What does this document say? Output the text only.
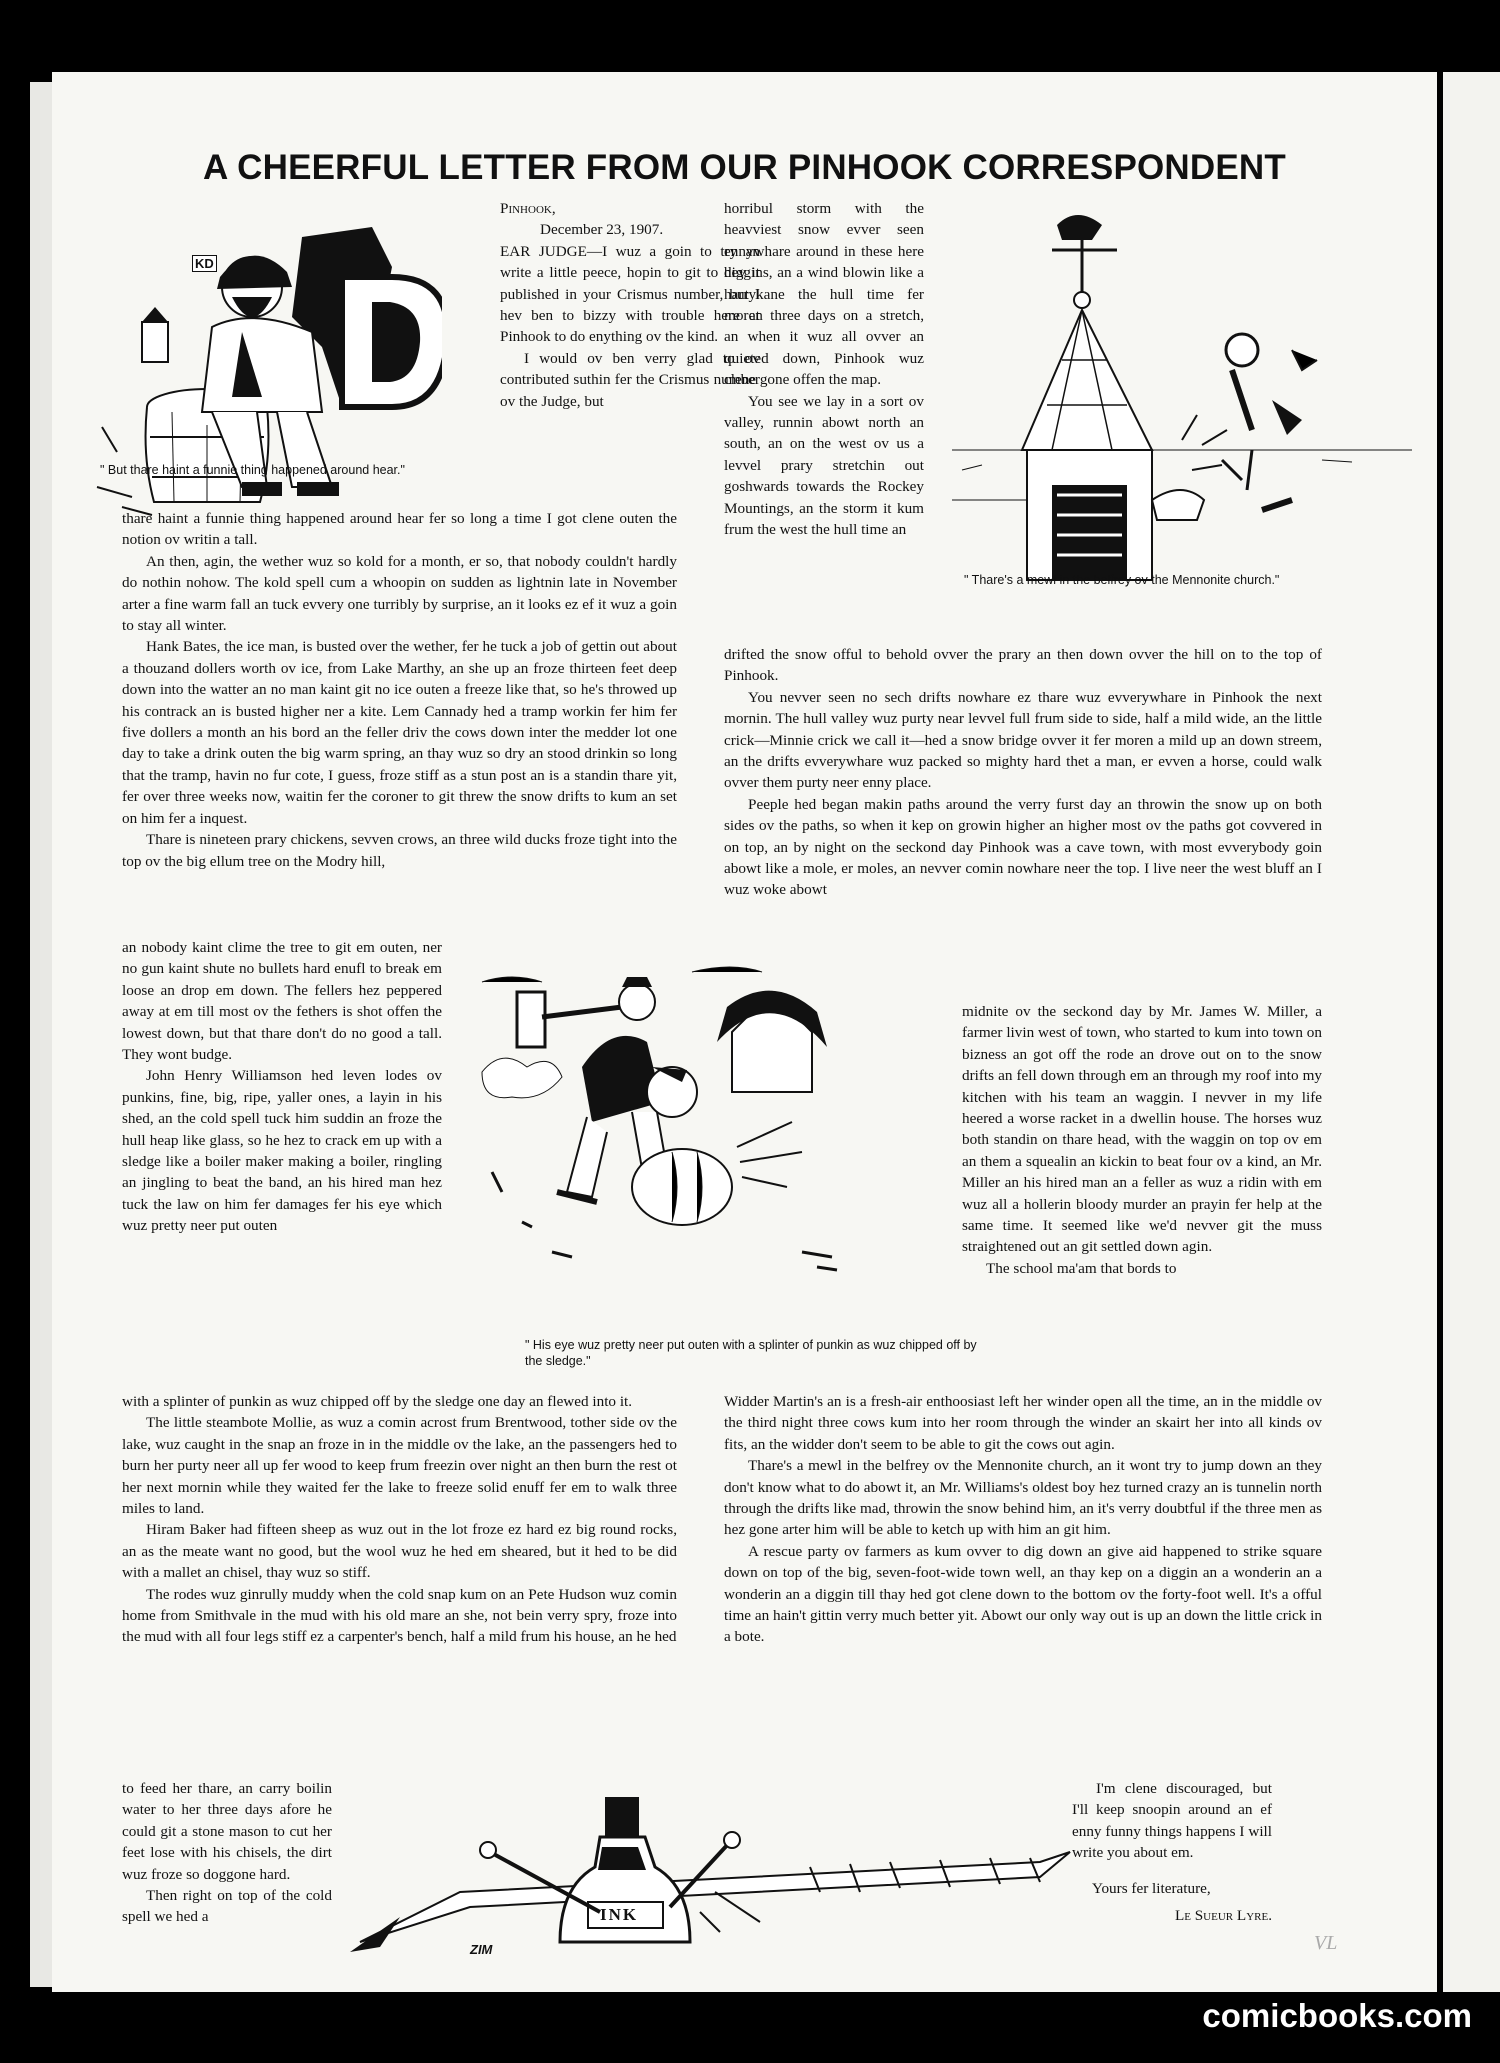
A CHEERFUL LETTER FROM OUR PINHOOK CORRESPONDENT
KD
" But thare haint a funnie thing happened around hear."

Pinhook,

December 23, 1907.

EAR JUDGE—I wuz a goin to try an write a little peece, hopin to git to hev it published in your Crismus number, but I hev ben to bizzy with trouble here at Pinhook to do enything ov the kind.

I would ov ben verry glad to ov contributed suthin fer the Crismus number ov the Judge, but

horribul storm with the heavviest snow evver seen ennywhare around in these here diggins, an a wind blowin like a harrykane the hull time fer moren three days on a stretch, an when it wuz all ovver an quieted down, Pinhook wuz clene gone offen the map.

You see we lay in a sort ov valley, runnin abowt north an south, an on the west ov us a levvel prary stretchin out goshwards towards the Rockey Mountings, an the storm it kum frum the west the hull time an

" Thare's a mewl in the belfrey ov the Mennonite church."

thare haint a funnie thing happened around hear fer so long a time I got clene outen the notion ov writin a tall.

An then, agin, the wether wuz so kold for a month, er so, that nobody couldn't hardly do nothin nohow. The kold spell cum a whoopin on sudden as lightnin late in November arter a fine warm fall an tuck evvery one turribly by surprise, an it looks ez ef it wuz a goin to stay all winter.

Hank Bates, the ice man, is busted over the wether, fer he tuck a job of gettin out about a thouzand dollers worth ov ice, from Lake Marthy, an she up an froze thirteen feet deep down into the watter an no man kaint git no ice outen a freeze like that, so he's throwed up his contrack an is busted higher ner a kite. Lem Cannady hed a tramp workin fer him fer five dollers a month an his bord an the feller driv the cows down inter the medder lot one day to take a drink outen the big warm spring, an thay wuz so dry an stood drinkin so long that the tramp, havin no fur cote, I guess, froze stiff as a stun post an is a standin thare yit, fer over three weeks now, waitin fer the coroner to git threw the snow drifts to kum an set on him fer a inquest.

Thare is nineteen prary chickens, sevven crows, an three wild ducks froze tight into the top ov the big ellum tree on the Modry hill,

drifted the snow offul to behold ovver the prary an then down ovver the hill on to the top of Pinhook.

You nevver seen no sech drifts nowhare ez thare wuz evverywhare in Pinhook the next mornin. The hull valley wuz purty near levvel full frum side to side, half a mild wide, an the little crick—Minnie crick we call it—hed a snow bridge ovver it fer moren a mild up an down streem, an the drifts evverywhare wuz packed so mighty hard thet a man, er evven a horse, could walk ovver them purty neer enny place.

Peeple hed began makin paths around the verry furst day an throwin the snow up on both sides ov the paths, so when it kep on growin higher an higher most ov the paths got covvered in on top, an by night on the seckond day Pinhook was a cave town, with most evverybody goin abowt like a mole, er moles, an nevver comin nowhare neer the top. I live neer the west bluff an I wuz woke abowt

an nobody kaint clime the tree to git em outen, ner no gun kaint shute no bullets hard enufl to break em loose an drop em down. The fellers hez peppered away at em till most ov the fethers is shot offen the lowest down, but that thare don't do no good a tall. They wont budge.

John Henry Williamson hed leven lodes ov punkins, fine, big, ripe, yaller ones, a layin in his shed, an the cold spell tuck him suddin an froze the hull heap like glass, so he hez to crack em up with a sledge like a boiler maker making a boiler, ringling an jingling to beat the band, an his hired man hez tuck the law on him fer damages fer his eye which wuz pretty neer put outen

" His eye wuz pretty neer put outen with a splinter of punkin as wuz chipped off by the sledge."

midnite ov the seckond day by Mr. James W. Miller, a farmer livin west of town, who started to kum into town on bizness an got off the rode an drove out on to the snow drifts an fell down through em an through my roof into my kitchen with his team an waggin. I nevver in my life heered a worse racket in a dwellin house. The horses wuz both standin on thare head, with the waggin on top ov em an them a squealin an kickin to beat four ov a kind, an Mr. Miller an his hired man an a feller as wuz a ridin with em wuz all a hollerin bloody murder an prayin fer help at the same time. It seemed like we'd nevver git the muss straightened out an git settled down agin.

The school ma'am that bords to

with a splinter of punkin as wuz chipped off by the sledge one day an flewed into it.

The little steambote Mollie, as wuz a comin acrost frum Brentwood, tother side ov the lake, wuz caught in the snap an froze in in the middle ov the lake, an the passengers hed to burn her purty neer all up fer wood to keep frum freezin over night an then burn the rest ot her next mornin while they waited fer the lake to freeze solid enuff fer em to walk three miles to land.

Hiram Baker had fifteen sheep as wuz out in the lot froze ez hard ez big round rocks, an as the meate want no good, but the wool wuz he hed em sheared, but it hed to be did with a mallet an chisel, thay wuz so stiff.

The rodes wuz ginrully muddy when the cold snap kum on an Pete Hudson wuz comin home from Smithvale in the mud with his old mare an she, not bein verry spry, froze into the mud with all four legs stiff ez a carpenter's bench, half a mild frum his house, an he hed

Widder Martin's an is a fresh-air enthoosiast left her winder open all the time, an in the middle ov the third night three cows kum into her room through the winder an skairt her into all kinds ov fits, an the widder don't seem to be able to git the cows out agin.

Thare's a mewl in the belfrey ov the Mennonite church, an it wont try to jump down an they don't know what to do abowt it, an Mr. Williams's oldest boy hez turned crazy an is tunnelin north through the drifts like mad, throwin the snow behind him, an it's verry doubtful if the three men as hez gone arter him will be able to ketch up with him an git him.

A rescue party ov farmers as kum ovver to dig down an give aid happened to strike square down on top of the big, seven-foot-wide town well, an thay kep on a diggin an a wonderin an a wonderin an a diggin till thay hed got clene down to the bottom ov the forty-foot well. It's a offul time an hain't gittin verry much better yit. Abowt our only way out is up an down the little crick in a bote.

to feed her thare, an carry boilin water to her three days afore he could git a stone mason to cut her feet lose with his chisels, the dirt wuz froze so doggone hard.

Then right on top of the cold spell we hed a	INK
ZIM

I'm clene discouraged, but I'll keep snoopin around an ef enny funny things happens I will write you about em.

Yours fer literature,

Le Sueur Lyre.

VL
comicbooks.com
